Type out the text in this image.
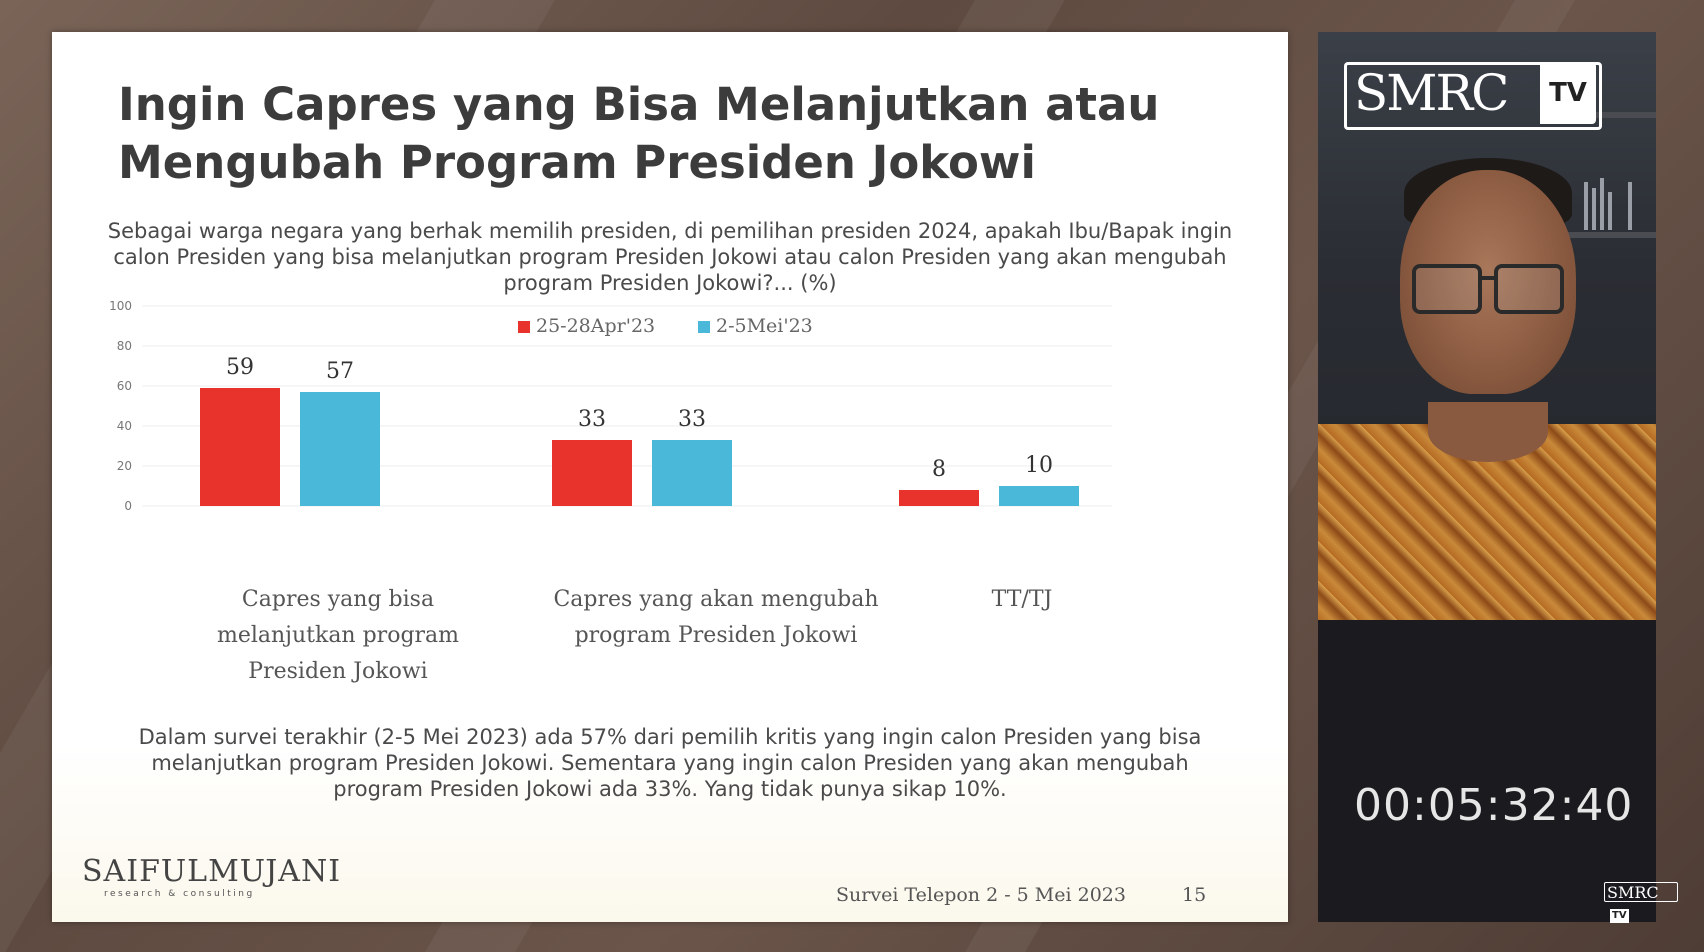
Ingin Capres yang Bisa Melanjutkan atau
Mengubah Program Presiden Jokowi

Sebagai warga negara yang berhak memilih presiden, di pemilihan presiden 2024, apakah Ibu/Bapak ingin calon Presiden yang bisa melanjutkan program Presiden Jokowi atau calon Presiden yang akan mengubah program Presiden Jokowi?... (%)

0
20
40
60
80
100
59
33
8
57
33
10
25-28Apr'23	2-5Mei'23
Capres yang bisa melanjutkan program Presiden Jokowi
Capres yang akan mengubah program Presiden Jokowi
TT/TJ

Dalam survei terakhir (2-5 Mei 2023) ada 57% dari pemilih kritis yang ingin calon Presiden yang bisa melanjutkan program Presiden Jokowi. Sementara yang ingin calon Presiden yang akan mengubah program Presiden Jokowi ada 33%. Yang tidak punya sikap 10%.

SAIFULMUJANI
research & consulting	Survei Telepon 2 - 5 Mei 2023	15
SMRC	TV
00:05:32:40
SMRCTV
